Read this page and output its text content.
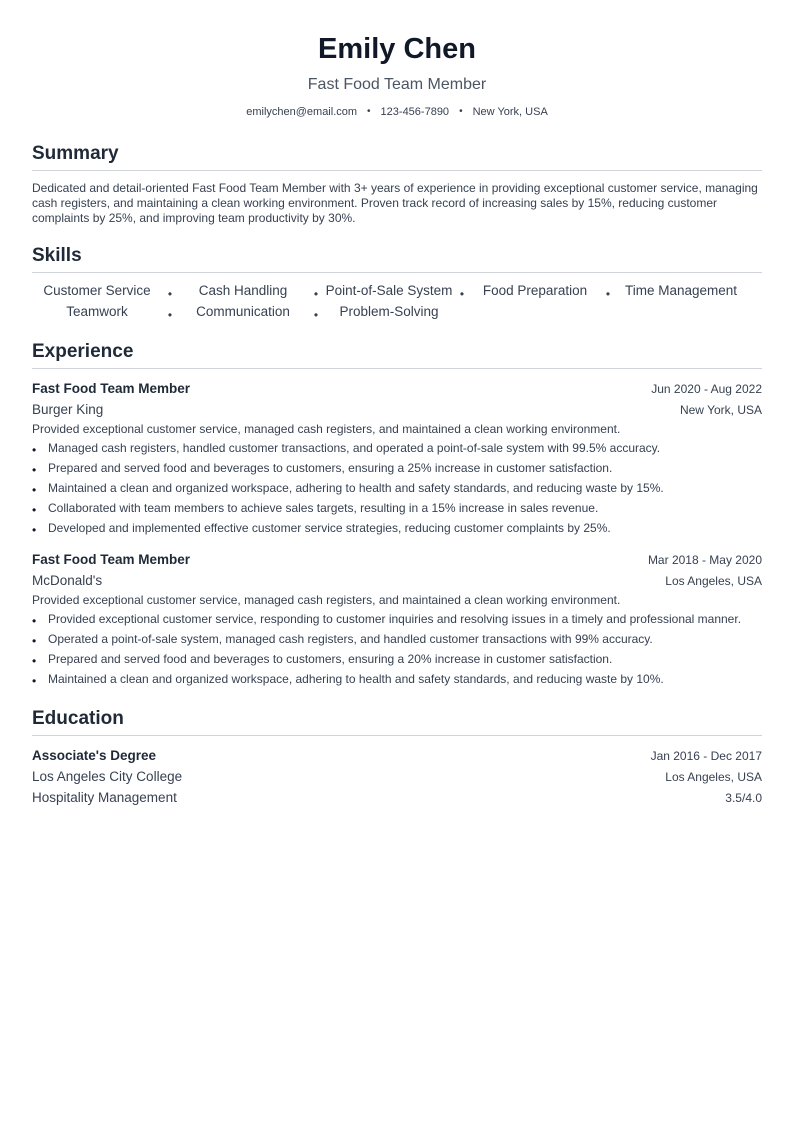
Emily Chen
Fast Food Team Member
emilychen@email.com • 123-456-7890 • New York, USA
Summary
Dedicated and detail-oriented Fast Food Team Member with 3+ years of experience in providing exceptional customer service, managing cash registers, and maintaining a clean working environment. Proven track record of increasing sales by 15%, reducing customer complaints by 25%, and improving team productivity by 30%.
Skills
Customer Service	•	Cash Handling	• Point-of-Sale System •	Food Preparation	•	Time Management
Teamwork	•	Communication	•	Problem-Solving
Experience
Fast Food Team Member	Jun 2020 - Aug 2022
Burger King	New York, USA
Provided exceptional customer service, managed cash registers, and maintained a clean working environment.
• Managed cash registers, handled customer transactions, and operated a point-of-sale system with 99.5% accuracy.
• Prepared and served food and beverages to customers, ensuring a 25% increase in customer satisfaction.
• Maintained a clean and organized workspace, adhering to health and safety standards, and reducing waste by 15%.
• Collaborated with team members to achieve sales targets, resulting in a 15% increase in sales revenue.
• Developed and implemented effective customer service strategies, reducing customer complaints by 25%.
Fast Food Team Member	Mar 2018 - May 2020
McDonald's	Los Angeles, USA
Provided exceptional customer service, managed cash registers, and maintained a clean working environment.
• Provided exceptional customer service, responding to customer inquiries and resolving issues in a timely and professional manner.
• Operated a point-of-sale system, managed cash registers, and handled customer transactions with 99% accuracy.
• Prepared and served food and beverages to customers, ensuring a 20% increase in customer satisfaction.
• Maintained a clean and organized workspace, adhering to health and safety standards, and reducing waste by 10%.
Education
Associate's Degree	Jan 2016 - Dec 2017
Los Angeles City College	Los Angeles, USA
Hospitality Management	3.5/4.0
